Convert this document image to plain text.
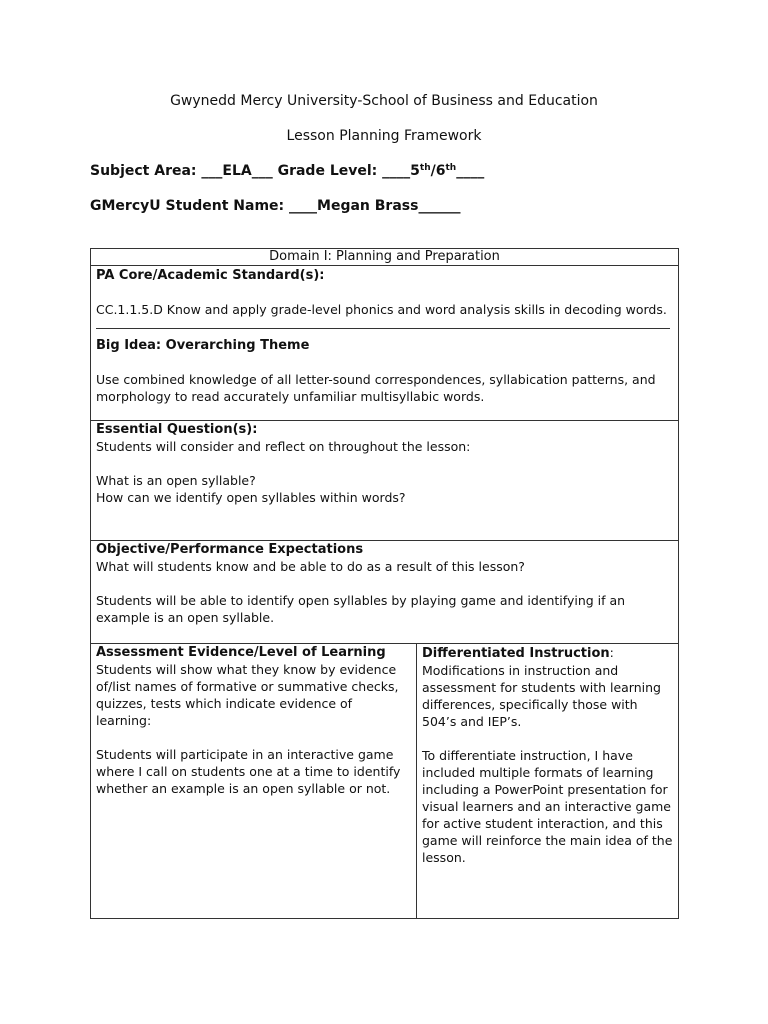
Gwynedd Mercy University-School of Business and Education
Lesson Planning Framework
Subject Area: ___ELA___ Grade Level: ____5th/6th____
GMercyU Student Name: ____Megan Brass______
Domain I: Planning and Preparation

PA Core/Academic Standard(s):
CC.1.1.5.D Know and apply grade-level phonics and word analysis skills in decoding words.
Big Idea: Overarching Theme
Use combined knowledge of all letter-sound correspondences, syllabication patterns, and morphology to read accurately unfamiliar multisyllabic words.

Essential Question(s):
Students will consider and reflect on throughout the lesson:
What is an open syllable?
How can we identify open syllables within words?

Objective/Performance Expectations
What will students know and be able to do as a result of this lesson?
Students will be able to identify open syllables by playing game and identifying if an example is an open syllable.

Assessment Evidence/Level of Learning
Students will show what they know by evidence of/list names of formative or summative checks, quizzes, tests which indicate evidence of learning:
Students will participate in an interactive game where I call on students one at a time to identify whether an example is an open syllable or not.

Differentiated Instruction:
Modifications in instruction and assessment for students with learning differences, specifically those with 504’s and IEP’s.
To differentiate instruction, I have included multiple formats of learning including a PowerPoint presentation for visual learners and an interactive game for active student interaction, and this game will reinforce the main idea of the lesson.
